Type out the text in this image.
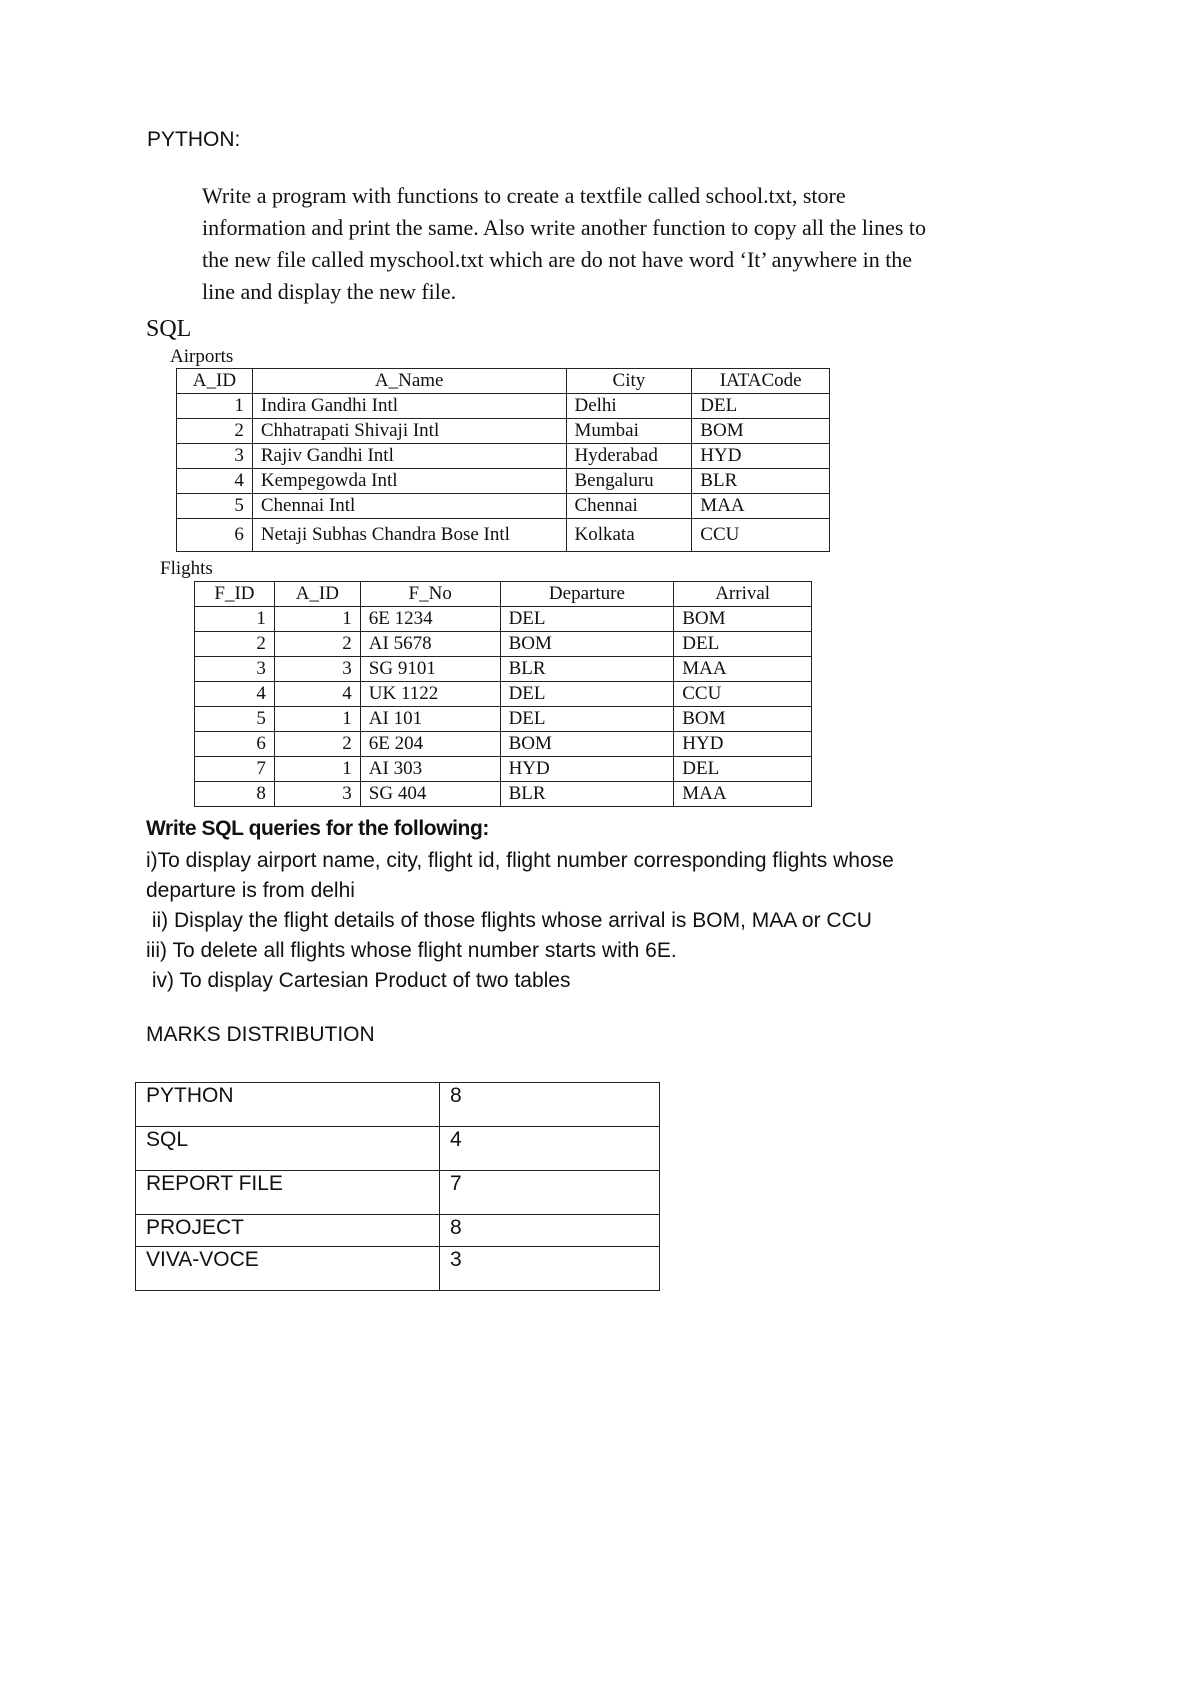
PYTHON:
Write a program with functions to create a textfile called school.txt, store
information and print the same. Also write another function to copy all the lines to
the new file called myschool.txt which are do not have word ‘It’ anywhere in the
line and display the new file.
SQL
Airports
A_ID	A_Name	City	IATACode
1	Indira Gandhi Intl	Delhi	DEL
2	Chhatrapati Shivaji Intl	Mumbai	BOM
3	Rajiv Gandhi Intl	Hyderabad	HYD
4	Kempegowda Intl	Bengaluru	BLR
5	Chennai Intl	Chennai	MAA
6	Netaji Subhas Chandra Bose Intl	Kolkata	CCU
Flights
F_ID	A_ID	F_No	Departure	Arrival
1	1	6E 1234	DEL	BOM
2	2	AI 5678	BOM	DEL
3	3	SG 9101	BLR	MAA
4	4	UK 1122	DEL	CCU
5	1	AI 101	DEL	BOM
6	2	6E 204	BOM	HYD
7	1	AI 303	HYD	DEL
8	3	SG 404	BLR	MAA
Write SQL queries for the following:
i)To display airport name, city, flight id, flight number corresponding flights whose
departure is from delhi
ii) Display the flight details of those flights whose arrival is BOM, MAA or CCU
iii) To delete all flights whose flight number starts with 6E.
iv) To display Cartesian Product of two tables
MARKS DISTRIBUTION
PYTHON	8
SQL	4
REPORT FILE	7
PROJECT	8
VIVA-VOCE	3
